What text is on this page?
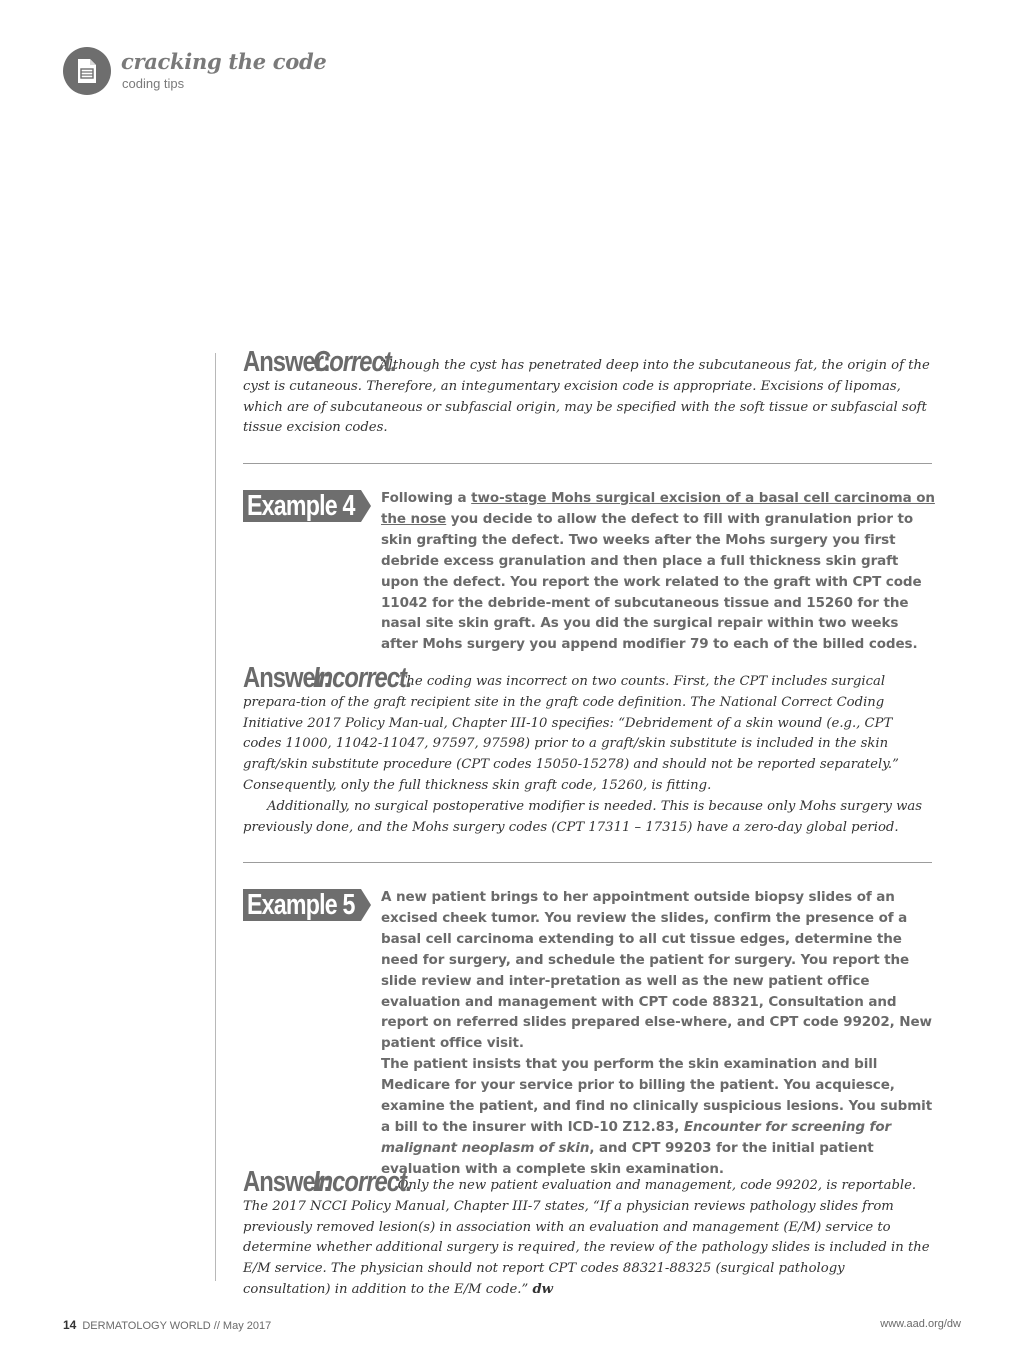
cracking the code
coding tips
Answer: Correct. Although the cyst has penetrated deep into the subcutaneous fat, the origin of the cyst is cutaneous. Therefore, an integumentary excision code is appropriate. Excisions of lipomas, which are of subcutaneous or subfascial origin, may be specified with the soft tissue or subfascial soft tissue excision codes.
Example 4 Following a two-stage Mohs surgical excision of a basal cell carcinoma on the nose you decide to allow the defect to fill with granulation prior to skin grafting the defect. Two weeks after the Mohs surgery you first debride excess granulation and then place a full thickness skin graft upon the defect. You report the work related to the graft with CPT code 11042 for the debride-ment of subcutaneous tissue and 15260 for the nasal site skin graft. As you did the surgical repair within two weeks after Mohs surgery you append modifier 79 to each of the billed codes.
Answer: Incorrect. The coding was incorrect on two counts. First, the CPT includes surgical prepara-tion of the graft recipient site in the graft code definition. The National Correct Coding Initiative 2017 Policy Man-ual, Chapter III-10 specifies: “Debridement of a skin wound (e.g., CPT codes 11000, 11042-11047, 97597, 97598) prior to a graft/skin substitute is included in the skin graft/skin substitute procedure (CPT codes 15050-15278) and should not be reported separately.” Consequently, only the full thickness skin graft code, 15260, is fitting.
Additionally, no surgical postoperative modifier is needed. This is because only Mohs surgery was previously done, and the Mohs surgery codes (CPT 17311 – 17315) have a zero-day global period.
Example 5 A new patient brings to her appointment outside biopsy slides of an excised cheek tumor. You review the slides, confirm the presence of a basal cell carcinoma extending to all cut tissue edges, determine the need for surgery, and schedule the patient for surgery. You report the slide review and inter-pretation as well as the new patient office evaluation and management with CPT code 88321, Consultation and report on referred slides prepared else-where, and CPT code 99202, New patient office visit.
The patient insists that you perform the skin examination and bill Medicare for your service prior to billing the patient. You acquiesce, examine the patient, and find no clinically suspicious lesions. You submit a bill to the insurer with ICD-10 Z12.83, Encounter for screening for malignant neoplasm of skin, and CPT 99203 for the initial patient evaluation with a complete skin examination.
Answer: Incorrect. Only the new patient evaluation and management, code 99202, is reportable. The 2017 NCCI Policy Manual, Chapter III-7 states, “If a physician reviews pathology slides from previously removed lesion(s) in association with an evaluation and management (E/M) service to determine whether additional surgery is required, the review of the pathology slides is included in the E/M service. The physician should not report CPT codes 88321-88325 (surgical pathology consultation) in addition to the E/M code.” dw
14 DERMATOLOGY WORLD // May 2017	www.aad.org/dw
